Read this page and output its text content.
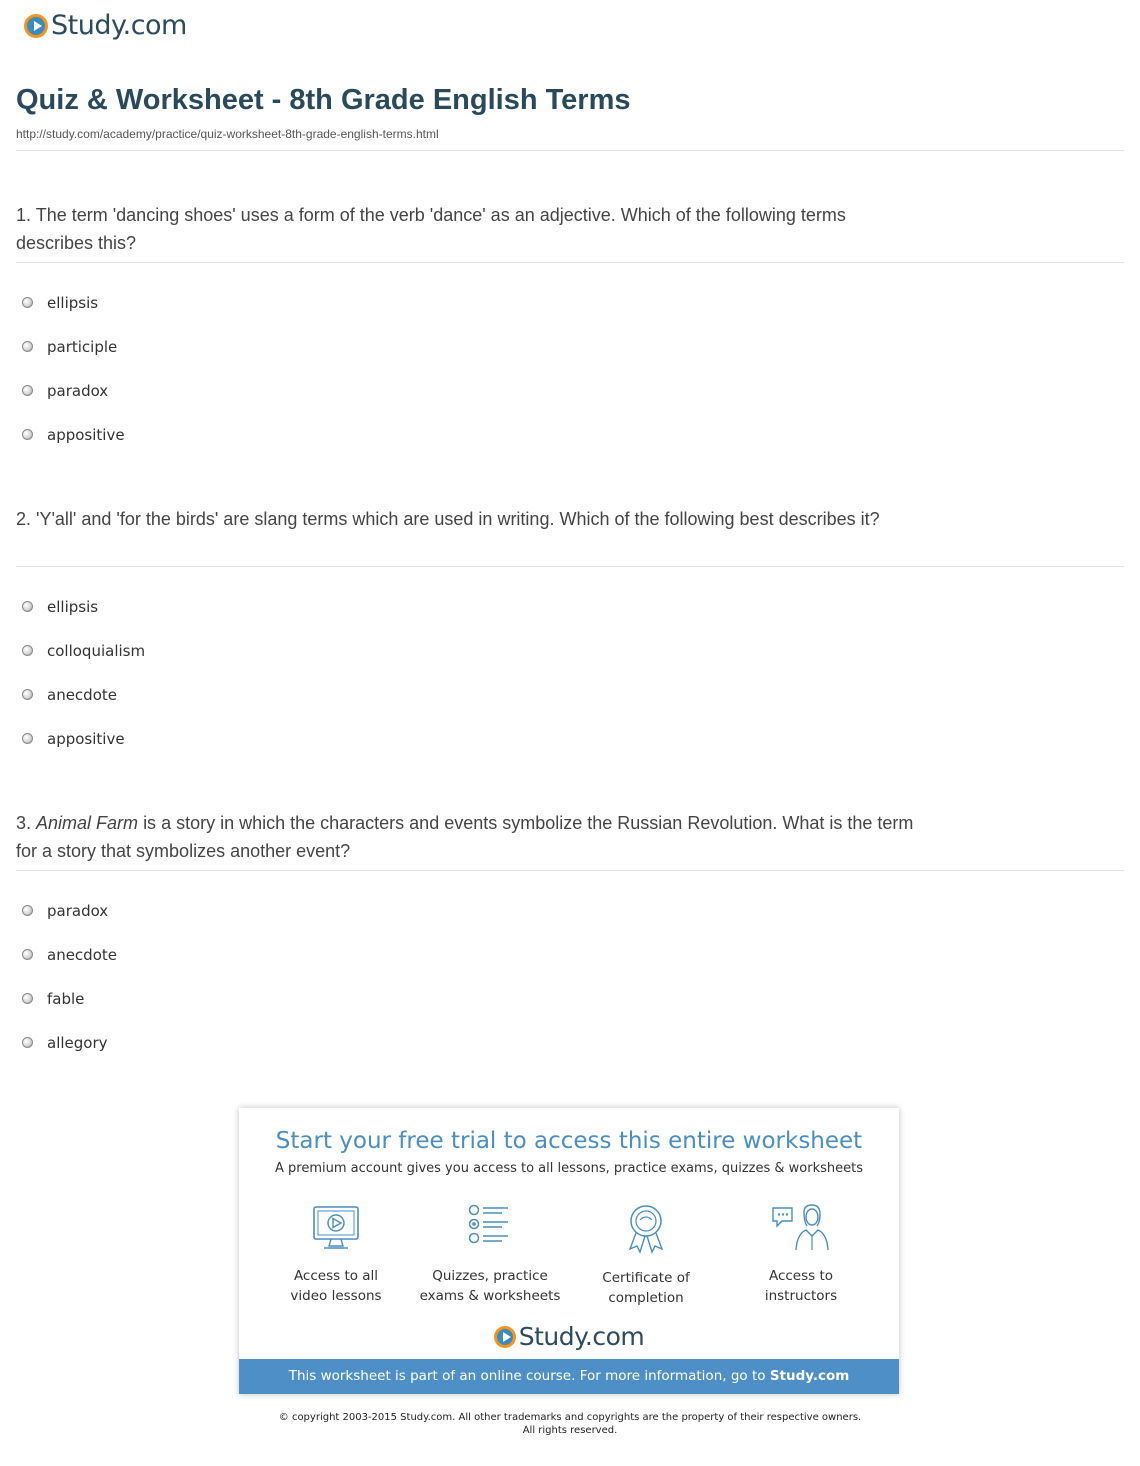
Study.com
Quiz & Worksheet - 8th Grade English Terms
http://study.com/academy/practice/quiz-worksheet-8th-grade-english-terms.html
1. The term 'dancing shoes' uses a form of the verb 'dance' as an adjective. Which of the following terms describes this?
ellipsis
participle
paradox
appositive
2. 'Y'all' and 'for the birds' are slang terms which are used in writing. Which of the following best describes it?
ellipsis
colloquialism
anecdote
appositive
3. Animal Farm is a story in which the characters and events symbolize the Russian Revolution. What is the term for a story that symbolizes another event?
paradox
anecdote
fable
allegory
Start your free trial to access this entire worksheet
A premium account gives you access to all lessons, practice exams, quizzes & worksheets
Access to all
video lessons
Quizzes, practice
exams & worksheets
Certificate of
completion
Access to
instructors
Study.com
This worksheet is part of an online course. For more information, go to Study.com
© copyright 2003-2015 Study.com. All other trademarks and copyrights are the property of their respective owners.
All rights reserved.
